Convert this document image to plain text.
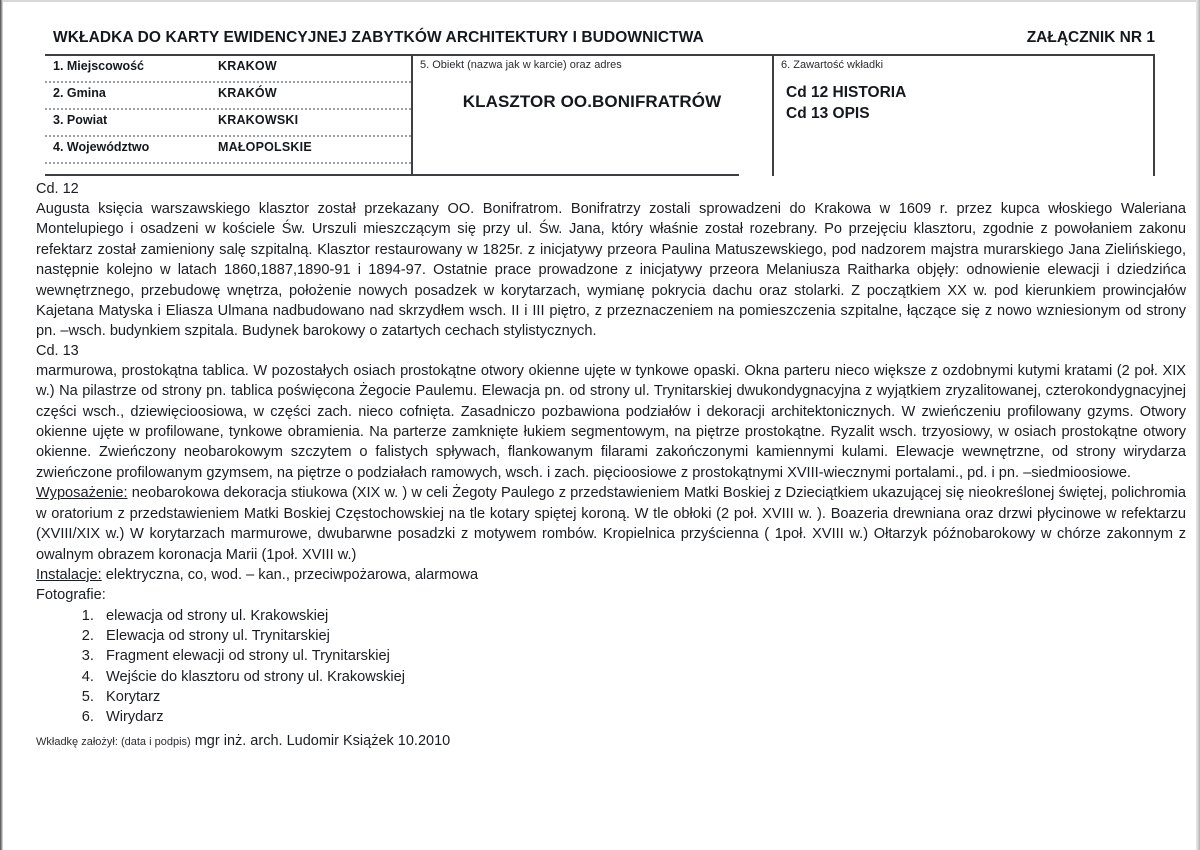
WKŁADKA DO KARTY EWIDENCYJNEJ ZABYTKÓW ARCHITEKTURY I BUDOWNICTWA	ZAŁĄCZNIK NR 1
1. Miejscowość	KRAKOW
2. Gmina	KRAKÓW
3. Powiat	KRAKOWSKI
4. Województwo	MAŁOPOLSKIE
5. Obiekt (nazwa jak w karcie) oraz adres
KLASZTOR OO.BONIFRATRÓW
6. Zawartość wkładki
Cd 12 HISTORIA
Cd 13 OPIS

Cd. 12

Augusta księcia warszawskiego klasztor został przekazany OO. Bonifratrom. Bonifratrzy zostali sprowadzeni do Krakowa w 1609 r. przez kupca włoskiego Waleriana Montelupiego i osadzeni w kościele Św. Urszuli mieszczącym się przy ul. Św. Jana, który właśnie został rozebrany. Po przejęciu klasztoru, zgodnie z powołaniem zakonu refektarz został zamieniony salę szpitalną. Klasztor restaurowany w 1825r. z inicjatywy przeora Paulina Matuszewskiego, pod nadzorem majstra murarskiego Jana Zielińskiego, następnie kolejno w latach 1860,1887,1890-91 i 1894-97. Ostatnie prace prowadzone z inicjatywy przeora Melaniusza Raitharka objęły: odnowienie elewacji i dziedzińca wewnętrznego, przebudowę wnętrza, położenie nowych posadzek w korytarzach, wymianę pokrycia dachu oraz stolarki. Z początkiem XX w. pod kierunkiem prowincjałów Kajetana Matyska i Eliasza Ulmana nadbudowano nad skrzydłem wsch. II i III piętro, z przeznaczeniem na pomieszczenia szpitalne, łączące się z nowo wzniesionym od strony pn. –wsch. budynkiem szpitala. Budynek barokowy o zatartych cechach stylistycznych.

Cd. 13

marmurowa, prostokątna tablica. W pozostałych osiach prostokątne otwory okienne ujęte w tynkowe opaski. Okna parteru nieco większe z ozdobnymi kutymi kratami (2 poł. XIX w.) Na pilastrze od strony pn. tablica poświęcona Żegocie Paulemu. Elewacja pn. od strony ul. Trynitarskiej dwukondygnacyjna z wyjątkiem zryzalitowanej, czterokondygnacyjnej części wsch., dziewięcioosiowa, w części zach. nieco cofnięta. Zasadniczo pozbawiona podziałów i dekoracji architektonicznych. W zwieńczeniu profilowany gzyms. Otwory okienne ujęte w profilowane, tynkowe obramienia. Na parterze zamknięte łukiem segmentowym, na piętrze prostokątne. Ryzalit wsch. trzyosiowy, w osiach prostokątne otwory okienne. Zwieńczony neobarokowym szczytem o falistych spływach, flankowanym filarami zakończonymi kamiennymi kulami. Elewacje wewnętrzne, od strony wirydarza zwieńczone profilowanym gzymsem, na piętrze o podziałach ramowych, wsch. i zach. pięcioosiowe z prostokątnymi XVIII-wiecznymi portalami., pd. i pn. –siedmioosiowe.

Wyposażenie: neobarokowa dekoracja stiukowa (XIX w. ) w celi Żegoty Paulego z przedstawieniem Matki Boskiej z Dzieciątkiem ukazującej się nieokreślonej świętej, polichromia w oratorium z przedstawieniem Matki Boskiej Częstochowskiej na tle kotary spiętej koroną. W tle obłoki (2 poł. XVIII w. ). Boazeria drewniana oraz drzwi płycinowe w refektarzu (XVIII/XIX w.) W korytarzach marmurowe, dwubarwne posadzki z motywem rombów. Kropielnica przyścienna ( 1poł. XVIII w.) Ołtarzyk późnobarokowy w chórze zakonnym z owalnym obrazem koronacja Marii (1poł. XVIII w.)

Instalacje: elektryczna, co, wod. – kan., przeciwpożarowa, alarmowa

Fotografie:

1. elewacja od strony ul. Krakowskiej
2. Elewacja od strony ul. Trynitarskiej
3. Fragment elewacji od strony ul. Trynitarskiej
4. Wejście do klasztoru od strony ul. Krakowskiej
5. Korytarz
6. Wirydarz

Wkładkę założył: (data i podpis) mgr inż. arch. Ludomir Książek 10.2010
